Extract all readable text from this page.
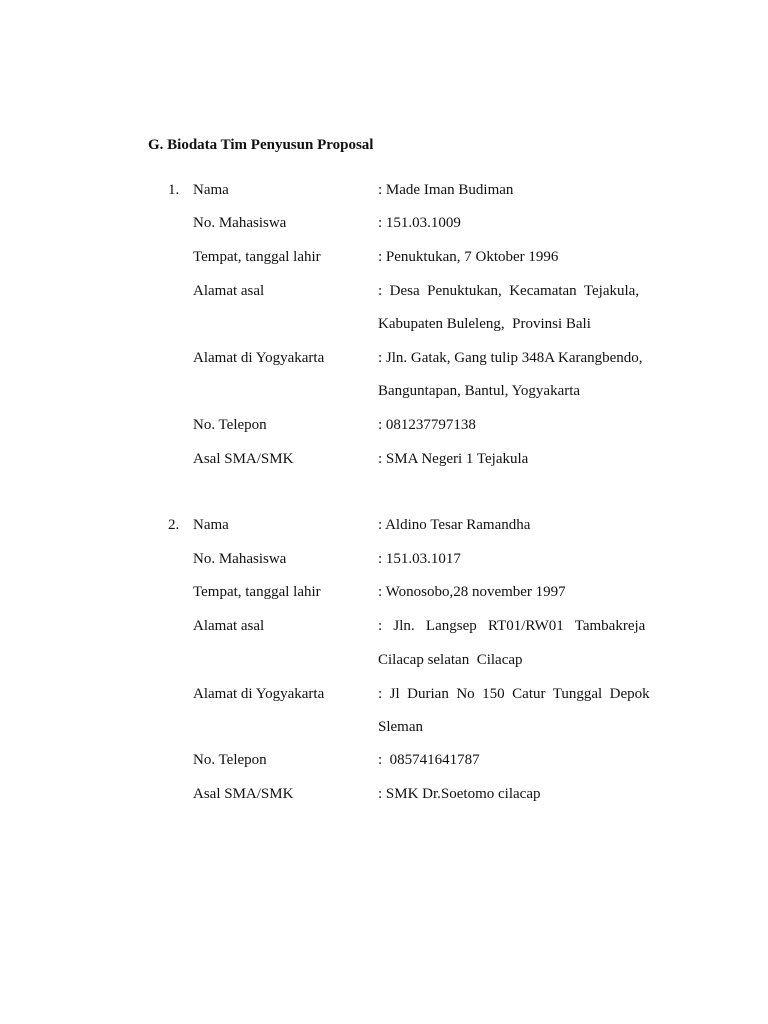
G. Biodata Tim Penyusun Proposal
1. Nama	: Made Iman Budiman
No. Mahasiswa	: 151.03.1009
Tempat, tanggal lahir	: Penuktukan, 7 Oktober 1996
Alamat asal	:  Desa  Penuktukan,  Kecamatan  Tejakula,
Kabupaten Buleleng,  Provinsi Bali
Alamat di Yogyakarta	: Jln. Gatak, Gang tulip 348A Karangbendo,
Banguntapan, Bantul, Yogyakarta
No. Telepon	: 081237797138
Asal SMA/SMK	: SMA Negeri 1 Tejakula
2. Nama	: Aldino Tesar Ramandha
No. Mahasiswa	: 151.03.1017
Tempat, tanggal lahir	: Wonosobo,28 november 1997
Alamat asal	:   Jln.   Langsep   RT01/RW01   Tambakreja
Cilacap selatan  Cilacap
Alamat di Yogyakarta	:  Jl  Durian  No  150  Catur  Tunggal  Depok
Sleman
No. Telepon	:  085741641787
Asal SMA/SMK	: SMK Dr.Soetomo cilacap
